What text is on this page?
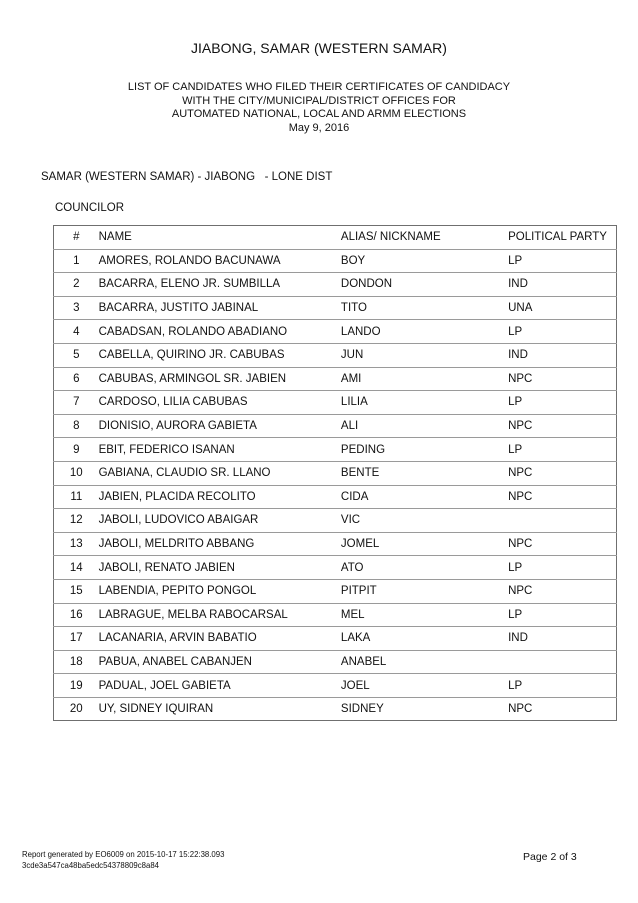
JIABONG, SAMAR (WESTERN SAMAR)
LIST OF CANDIDATES WHO FILED THEIR CERTIFICATES OF CANDIDACY
WITH THE CITY/MUNICIPAL/DISTRICT OFFICES FOR
AUTOMATED NATIONAL, LOCAL AND ARMM ELECTIONS
May 9, 2016
SAMAR (WESTERN SAMAR) - JIABONG   - LONE DIST
COUNCILOR
#	NAME	ALIAS/ NICKNAME	POLITICAL PARTY
1	AMORES, ROLANDO BACUNAWA	BOY	LP
2	BACARRA, ELENO JR. SUMBILLA	DONDON	IND
3	BACARRA, JUSTITO JABINAL	TITO	UNA
4	CABADSAN, ROLANDO ABADIANO	LANDO	LP
5	CABELLA, QUIRINO JR. CABUBAS	JUN	IND
6	CABUBAS, ARMINGOL SR. JABIEN	AMI	NPC
7	CARDOSO, LILIA CABUBAS	LILIA	LP
8	DIONISIO, AURORA GABIETA	ALI	NPC
9	EBIT, FEDERICO ISANAN	PEDING	LP
10	GABIANA, CLAUDIO SR. LLANO	BENTE	NPC
11	JABIEN, PLACIDA RECOLITO	CIDA	NPC
12	JABOLI, LUDOVICO ABAIGAR	VIC	
13	JABOLI, MELDRITO ABBANG	JOMEL	NPC
14	JABOLI, RENATO JABIEN	ATO	LP
15	LABENDIA, PEPITO PONGOL	PITPIT	NPC
16	LABRAGUE, MELBA RABOCARSAL	MEL	LP
17	LACANARIA, ARVIN BABATIO	LAKA	IND
18	PABUA, ANABEL CABANJEN	ANABEL	
19	PADUAL, JOEL GABIETA	JOEL	LP
20	UY, SIDNEY IQUIRAN	SIDNEY	NPC
Report generated by EO6009 on 2015-10-17 15:22:38.093
3cde3a547ca48ba5edc54378809c8a84
Page 2 of 3
